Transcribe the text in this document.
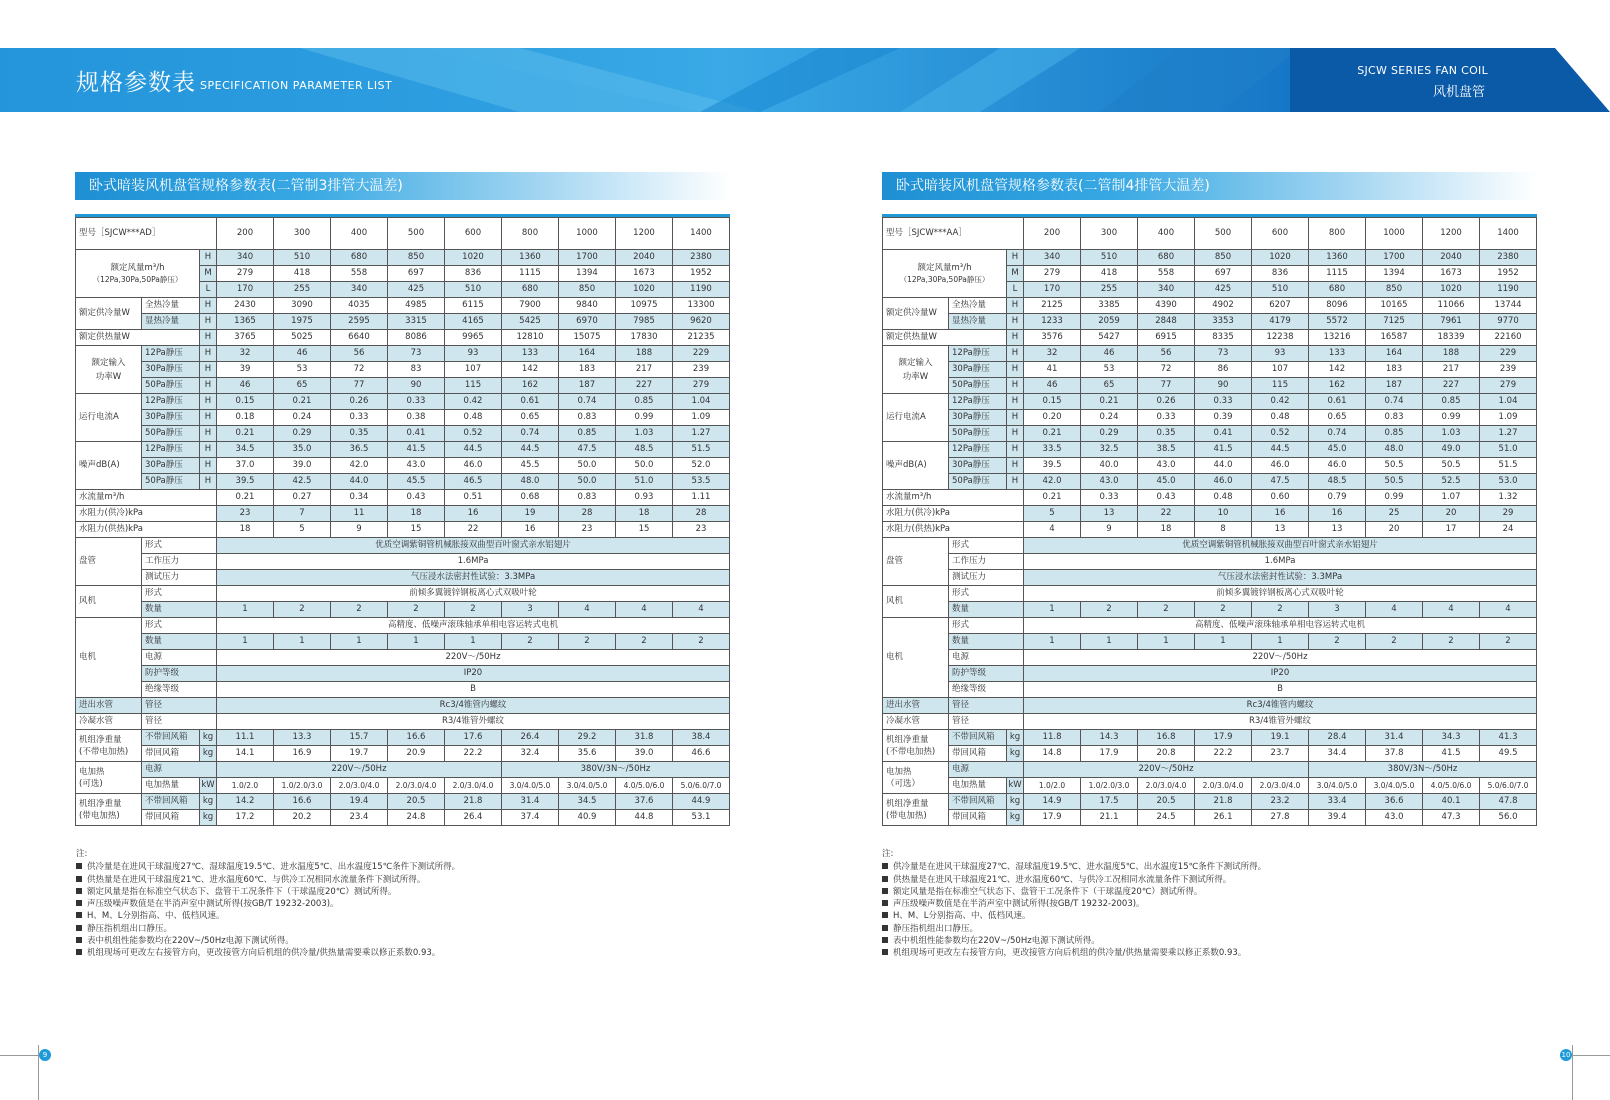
规格参数表 SPECIFICATION PARAMETER LIST
SJCW SERIES FAN COIL
风机盘管
卧式暗装风机盘管规格参数表(二管制3排管大温差)
型号［SJCW***AD］			200	300	400	500	600	800	1000	1200	1400

额定风量m³/h
（12Pa,30Pa,50Pa静压）		H	340	510	680	850	1020	1360	1700	2040	2380
		M	279	418	558	697	836	1115	1394	1673	1952
		L	170	255	340	425	510	680	850	1020	1190
额定供冷量W	全热冷量	H	2430	3090	4035	4985	6115	7900	9840	10975	13300
	显热冷量	H	1365	1975	2595	3315	4165	5425	6970	7985	9620
额定供热量W		H	3765	5025	6640	8086	9965	12810	15075	17830	21235

额定输入
功率W	12Pa静压	H	32	46	56	73	93	133	164	188	229
	30Pa静压	H	39	53	72	83	107	142	183	217	239
	50Pa静压	H	46	65	77	90	115	162	187	227	279
运行电流A	12Pa静压	H	0.15	0.21	0.26	0.33	0.42	0.61	0.74	0.85	1.04
	30Pa静压	H	0.18	0.24	0.33	0.38	0.48	0.65	0.83	0.99	1.09
	50Pa静压	H	0.21	0.29	0.35	0.41	0.52	0.74	0.85	1.03	1.27
噪声dB(A)	12Pa静压	H	34.5	35.0	36.5	41.5	44.5	44.5	47.5	48.5	51.5
	30Pa静压	H	37.0	39.0	42.0	43.0	46.0	45.5	50.0	50.0	52.0
	50Pa静压	H	39.5	42.5	44.0	45.5	46.5	48.0	50.0	51.0	53.5
水流量m³/h			0.21	0.27	0.34	0.43	0.51	0.68	0.83	0.93	1.11
水阻力(供冷)kPa			23	7	11	18	16	19	28	18	28
水阻力(供热)kPa			18	5	9	15	22	16	23	15	23
盘管	形式		优质空调紫铜管机械胀接双曲型百叶窗式亲水铝翅片								
	工作压力		1.6MPa								
	测试压力		气压浸水法密封性试验：3.3MPa								
风机	形式		前倾多翼镀锌钢板离心式双吸叶轮								
	数量		1	2	2	2	2	3	4	4	4
电机	形式		高精度、低噪声滚珠轴承单相电容运转式电机								
	数量		1	1	1	1	1	2	2	2	2
	电源		220V～/50Hz								
	防护等级		IP20								
	绝缘等级		B								
进出水管	管径		Rc3/4锥管内螺纹								
冷凝水管	管径		R3/4锥管外螺纹								

机组净重量
(不带电加热)	不带回风箱	kg	11.1	13.3	15.7	16.6	17.6	26.4	29.2	31.8	38.4
	带回风箱	kg	14.1	16.9	19.7	20.9	22.2	32.4	35.6	39.0	46.6

电加热
(可选)	电源		220V～/50Hz					380V/3N～/50Hz			
	电加热量	kW	1.0/2.0	1.0/2.0/3.0	2.0/3.0/4.0	2.0/3.0/4.0	2.0/3.0/4.0	3.0/4.0/5.0	3.0/4.0/5.0	4.0/5.0/6.0	5.0/6.0/7.0

机组净重量
(带电加热)	不带回风箱	kg	14.2	16.6	19.4	20.5	21.8	31.4	34.5	37.6	44.9
	带回风箱	kg	17.2	20.2	23.4	24.8	26.4	37.4	40.9	44.8	53.1
卧式暗装风机盘管规格参数表(二管制4排管大温差)
型号［SJCW***AA］			200	300	400	500	600	800	1000	1200	1400

额定风量m³/h
（12Pa,30Pa,50Pa静压）		H	340	510	680	850	1020	1360	1700	2040	2380
		M	279	418	558	697	836	1115	1394	1673	1952
		L	170	255	340	425	510	680	850	1020	1190
额定供冷量W	全热冷量	H	2125	3385	4390	4902	6207	8096	10165	11066	13744
	显热冷量	H	1233	2059	2848	3353	4179	5572	7125	7961	9770
额定供热量W		H	3576	5427	6915	8335	12238	13216	16587	18339	22160

额定输入
功率W	12Pa静压	H	32	46	56	73	93	133	164	188	229
	30Pa静压	H	41	53	72	86	107	142	183	217	239
	50Pa静压	H	46	65	77	90	115	162	187	227	279
运行电流A	12Pa静压	H	0.15	0.21	0.26	0.33	0.42	0.61	0.74	0.85	1.04
	30Pa静压	H	0.20	0.24	0.33	0.39	0.48	0.65	0.83	0.99	1.09
	50Pa静压	H	0.21	0.29	0.35	0.41	0.52	0.74	0.85	1.03	1.27
噪声dB(A)	12Pa静压	H	33.5	32.5	38.5	41.5	44.5	45.0	48.0	49.0	51.0
	30Pa静压	H	39.5	40.0	43.0	44.0	46.0	46.0	50.5	50.5	51.5
	50Pa静压	H	42.0	43.0	45.0	46.0	47.5	48.5	50.5	52.5	53.0
水流量m³/h			0.21	0.33	0.43	0.48	0.60	0.79	0.99	1.07	1.32
水阻力(供冷)kPa			5	13	22	10	16	16	25	20	29
水阻力(供热)kPa			4	9	18	8	13	13	20	17	24
盘管	形式		优质空调紫铜管机械胀接双曲型百叶窗式亲水铝翅片								
	工作压力		1.6MPa								
	测试压力		气压浸水法密封性试验：3.3MPa								
风机	形式		前倾多翼镀锌钢板离心式双吸叶轮								
	数量		1	2	2	2	2	3	4	4	4
电机	形式		高精度、低噪声滚珠轴承单相电容运转式电机								
	数量		1	1	1	1	1	2	2	2	2
	电源		220V～/50Hz								
	防护等级		IP20								
	绝缘等级		B								
进出水管	管径		Rc3/4锥管内螺纹								
冷凝水管	管径		R3/4锥管外螺纹								

机组净重量
(不带电加热)	不带回风箱	kg	11.8	14.3	16.8	17.9	19.1	28.4	31.4	34.3	41.3
	带回风箱	kg	14.8	17.9	20.8	22.2	23.7	34.4	37.8	41.5	49.5

电加热
（可选）	电源		220V～/50Hz					380V/3N～/50Hz			
	电加热量	kW	1.0/2.0	1.0/2.0/3.0	2.0/3.0/4.0	2.0/3.0/4.0	2.0/3.0/4.0	3.0/4.0/5.0	3.0/4.0/5.0	4.0/5.0/6.0	5.0/6.0/7.0

机组净重量
(带电加热)	不带回风箱	kg	14.9	17.5	20.5	21.8	23.2	33.4	36.6	40.1	47.8
	带回风箱	kg	17.9	21.1	24.5	26.1	27.8	39.4	43.0	47.3	56.0
注:
供冷量是在进风干球温度27℃、湿球温度19.5℃、进水温度5℃、出水温度15℃条件下测试所得。
供热量是在进风干球温度21℃、进水温度60℃、与供冷工况相同水流量条件下测试所得。
额定风量是指在标准空气状态下、盘管干工况条件下（干球温度20℃）测试所得。
声压级噪声数值是在半消声室中测试所得(按GB/T 19232-2003)。
H、M、L分别指高、中、低档风速。
静压指机组出口静压。
表中机组性能参数均在220V~/50Hz电源下测试所得。
机组现场可更改左右接管方向，更改接管方向后机组的供冷量/供热量需要乘以修正系数0.93。
注:
供冷量是在进风干球温度27℃、湿球温度19.5℃、进水温度5℃、出水温度15℃条件下测试所得。
供热量是在进风干球温度21℃、进水温度60℃、与供冷工况相同水流量条件下测试所得。
额定风量是指在标准空气状态下、盘管干工况条件下（干球温度20℃）测试所得。
声压级噪声数值是在半消声室中测试所得(按GB/T 19232-2003)。
H、M、L分别指高、中、低档风速。
静压指机组出口静压。
表中机组性能参数均在220V~/50Hz电源下测试所得。
机组现场可更改左右接管方向，更改接管方向后机组的供冷量/供热量需要乘以修正系数0.93。
9	10
